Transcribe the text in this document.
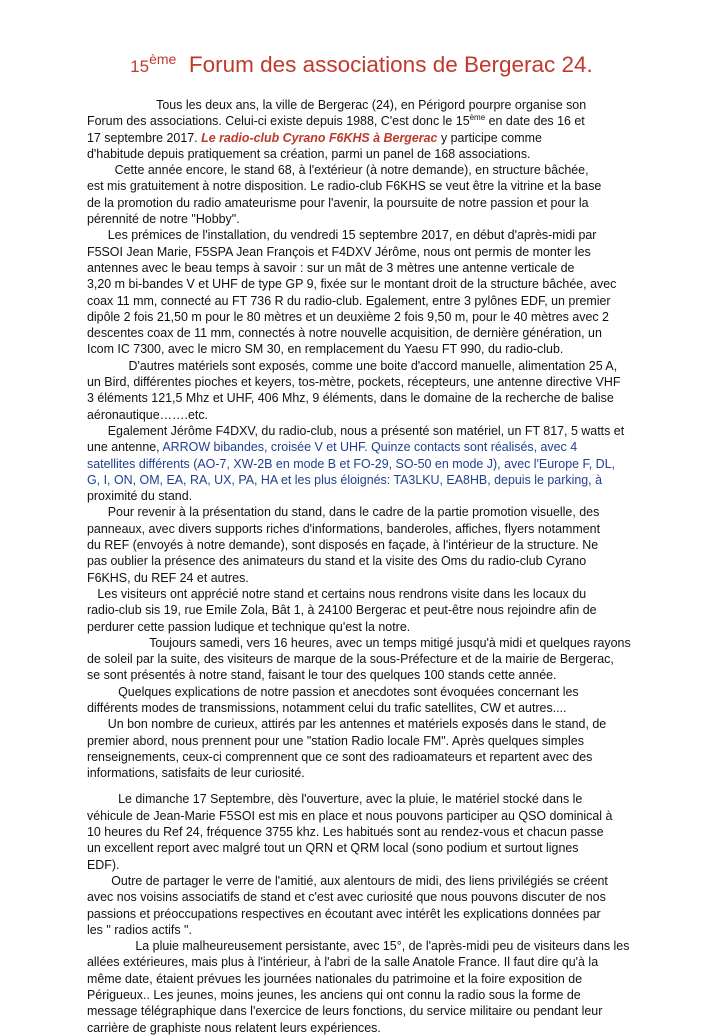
15ème Forum des associations de Bergerac 24.
Tous les deux ans, la ville de Bergerac (24), en Périgord pourpre organise son
Forum des associations. Celui-ci existe depuis 1988, C'est donc le 15ème en date des 16 et
17 septembre 2017. Le radio-club Cyrano F6KHS à Bergerac y participe comme
d'habitude depuis pratiquement sa création, parmi un panel de 168 associations.
Cette année encore, le stand 68, à l'extérieur (à notre demande), en structure bâchée,
est mis gratuitement à notre disposition. Le radio-club F6KHS se veut être la vitrine et la base
de la promotion du radio amateurisme pour l'avenir, la poursuite de notre passion et pour la
pérennité de notre "Hobby".
Les prémices de l'installation, du vendredi 15 septembre 2017, en début d'après-midi par
F5SOI Jean Marie, F5SPA Jean François et F4DXV Jérôme, nous ont permis de monter les
antennes avec le beau temps à savoir : sur un mât de 3 mètres une antenne verticale de
3,20 m bi-bandes V et UHF de type GP 9, fixée sur le montant droit de la structure bâchée, avec
coax 11 mm, connecté au FT 736 R du radio-club. Egalement, entre 3 pylônes EDF, un premier
dipôle 2 fois 21,50 m pour le 80 mètres et un deuxième 2 fois 9,50 m, pour le 40 mètres avec 2
descentes coax de 11 mm, connectés à notre nouvelle acquisition, de dernière génération, un
Icom IC 7300, avec le micro SM 30, en remplacement du Yaesu FT 990, du radio-club.
D'autres matériels sont exposés, comme une boite d'accord manuelle, alimentation 25 A,
un Bird, différentes pioches et keyers, tos-mètre, pockets, récepteurs, une antenne directive VHF
3 éléments 121,5 Mhz et UHF, 406 Mhz, 9 éléments, dans le domaine de la recherche de balise
aéronautique…….etc.
Egalement Jérôme F4DXV, du radio-club, nous a présenté son matériel, un FT 817, 5 watts et
une antenne, ARROW bibandes, croisée V et UHF. Quinze contacts sont réalisés, avec 4
satellites différents (AO-7, XW-2B en mode B et FO-29, SO-50 en mode J), avec l'Europe F, DL,
G, I, ON, OM, EA, RA, UX, PA, HA et les plus éloignés: TA3LKU, EA8HB, depuis le parking, à
proximité du stand.
Pour revenir à la présentation du stand, dans le cadre de la partie promotion visuelle, des
panneaux, avec divers supports riches d'informations, banderoles, affiches, flyers notamment
du REF (envoyés à notre demande), sont disposés en façade, à l'intérieur de la structure. Ne
pas oublier la présence des animateurs du stand et la visite des Oms du radio-club Cyrano
F6KHS, du REF 24 et autres.
Les visiteurs ont apprécié notre stand et certains nous rendrons visite dans les locaux du
radio-club sis 19, rue Emile Zola, Bât 1, à 24100 Bergerac et peut-être nous rejoindre afin de
perdurer cette passion ludique et technique qu'est la notre.
Toujours samedi, vers 16 heures, avec un temps mitigé jusqu'à midi et quelques rayons
de soleil par la suite, des visiteurs de marque de la sous-Préfecture et de la mairie de Bergerac,
se sont présentés à notre stand, faisant le tour des quelques 100 stands cette année.
Quelques explications de notre passion et anecdotes sont évoquées concernant les
différents modes de transmissions, notamment celui du trafic satellites, CW et autres....
Un bon nombre de curieux, attirés par les antennes et matériels exposés dans le stand, de
premier abord, nous prennent pour une "station Radio locale FM". Après quelques simples
renseignements, ceux-ci comprennent que ce sont des radioamateurs et repartent avec des
informations, satisfaits de leur curiosité.
Le dimanche 17 Septembre, dès l'ouverture, avec la pluie, le matériel stocké dans le
véhicule de Jean-Marie F5SOI est mis en place et nous pouvons participer au QSO dominical à
10 heures du Ref 24, fréquence 3755 khz. Les habitués sont au rendez-vous et chacun passe
un excellent report avec malgré tout un QRN et QRM local (sono podium et surtout lignes
EDF).
Outre de partager le verre de l'amitié, aux alentours de midi, des liens privilégiés se créent
avec nos voisins associatifs de stand et c'est avec curiosité que nous pouvons discuter de nos
passions et préoccupations respectives en écoutant avec intérêt les explications données par
les " radios actifs ".
La pluie malheureusement persistante, avec 15°, de l'après-midi peu de visiteurs dans les
allées extérieures, mais plus à l'intérieur, à l'abri de la salle Anatole France. Il faut dire qu'à la
même date, étaient prévues les journées nationales du patrimoine et la foire exposition de
Périgueux.. Les jeunes, moins jeunes, les anciens qui ont connu la radio sous la forme de
message télégraphique dans l'exercice de leurs fonctions, du service militaire ou pendant leur
carrière de graphiste nous relatent leurs expériences.
